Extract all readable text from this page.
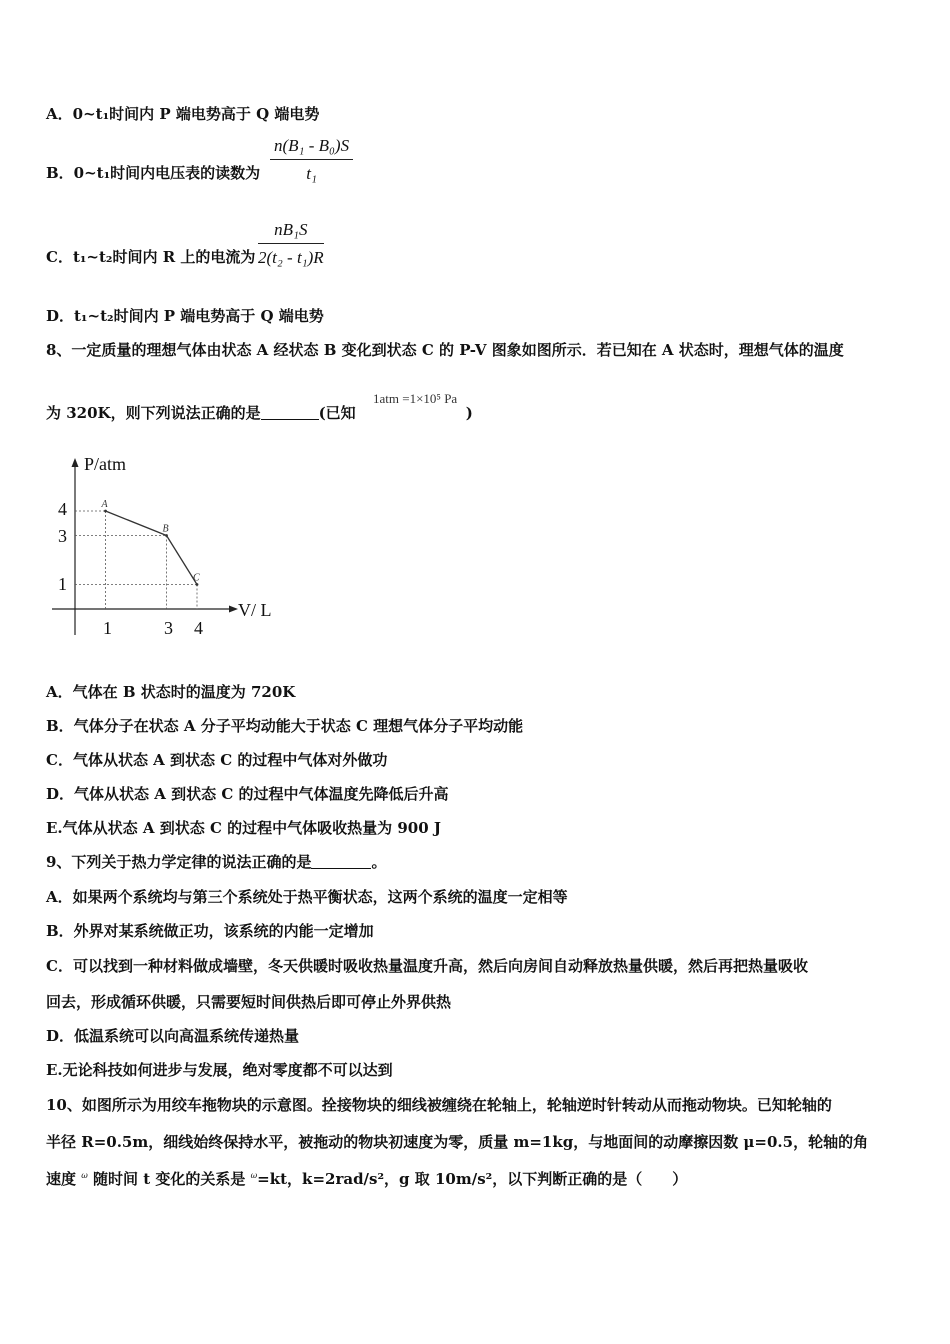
A．0~t₁时间内 P 端电势高于 Q 端电势
B．0~t₁时间内电压表的读数为 $\frac{\text{n(B₁ - B₀)S}}{\text{t₁}}$
C．t₁~t₂时间内 R 上的电流为 $\frac{\text{nB₁S}}{\text{2(t₂ - t₁)R}}$
D．t₁~t₂时间内 P 端电势高于 Q 端电势
8、一定质量的理想气体由状态 A 经状态 B 变化到状态 C 的 P-V 图象如图所示．若已知在 A 状态时，理想气体的温度
为 320K，则下列说法正确的是	(已知	)
1atm =1×10⁵ Pa
P/atm
V/ L
4
3
1
1	3 4
A
B
C
A．气体在 B 状态时的温度为 720K
B．气体分子在状态 A 分子平均动能大于状态 C 理想气体分子平均动能
C．气体从状态 A 到状态 C 的过程中气体对外做功
D．气体从状态 A 到状态 C 的过程中气体温度先降低后升高
E.气体从状态 A 到状态 C 的过程中气体吸收热量为 900 J
9、下列关于热力学定律的说法正确的是	。
A．如果两个系统均与第三个系统处于热平衡状态，这两个系统的温度一定相等
B．外界对某系统做正功，该系统的内能一定增加
C．可以找到一种材料做成墙壁，冬天供暖时吸收热量温度升高，然后向房间自动释放热量供暖，然后再把热量吸收
回去，形成循环供暖，只需要短时间供热后即可停止外界供热
D．低温系统可以向高温系统传递热量
E.无论科技如何进步与发展，绝对零度都不可以达到
10、如图所示为用绞车拖物块的示意图。拴接物块的细线被缠绕在轮轴上，轮轴逆时针转动从而拖动物块。已知轮轴的
半径 R=0.5m，细线始终保持水平，被拖动的物块初速度为零，质量 m=1kg，与地面间的动摩擦因数 μ=0.5，轮轴的角
速度 $^\omega$ 随时间 t 变化的关系是 $^\omega$=kt，k=2rad/s²，g 取 10m/s²，以下判断正确的是（　　）
